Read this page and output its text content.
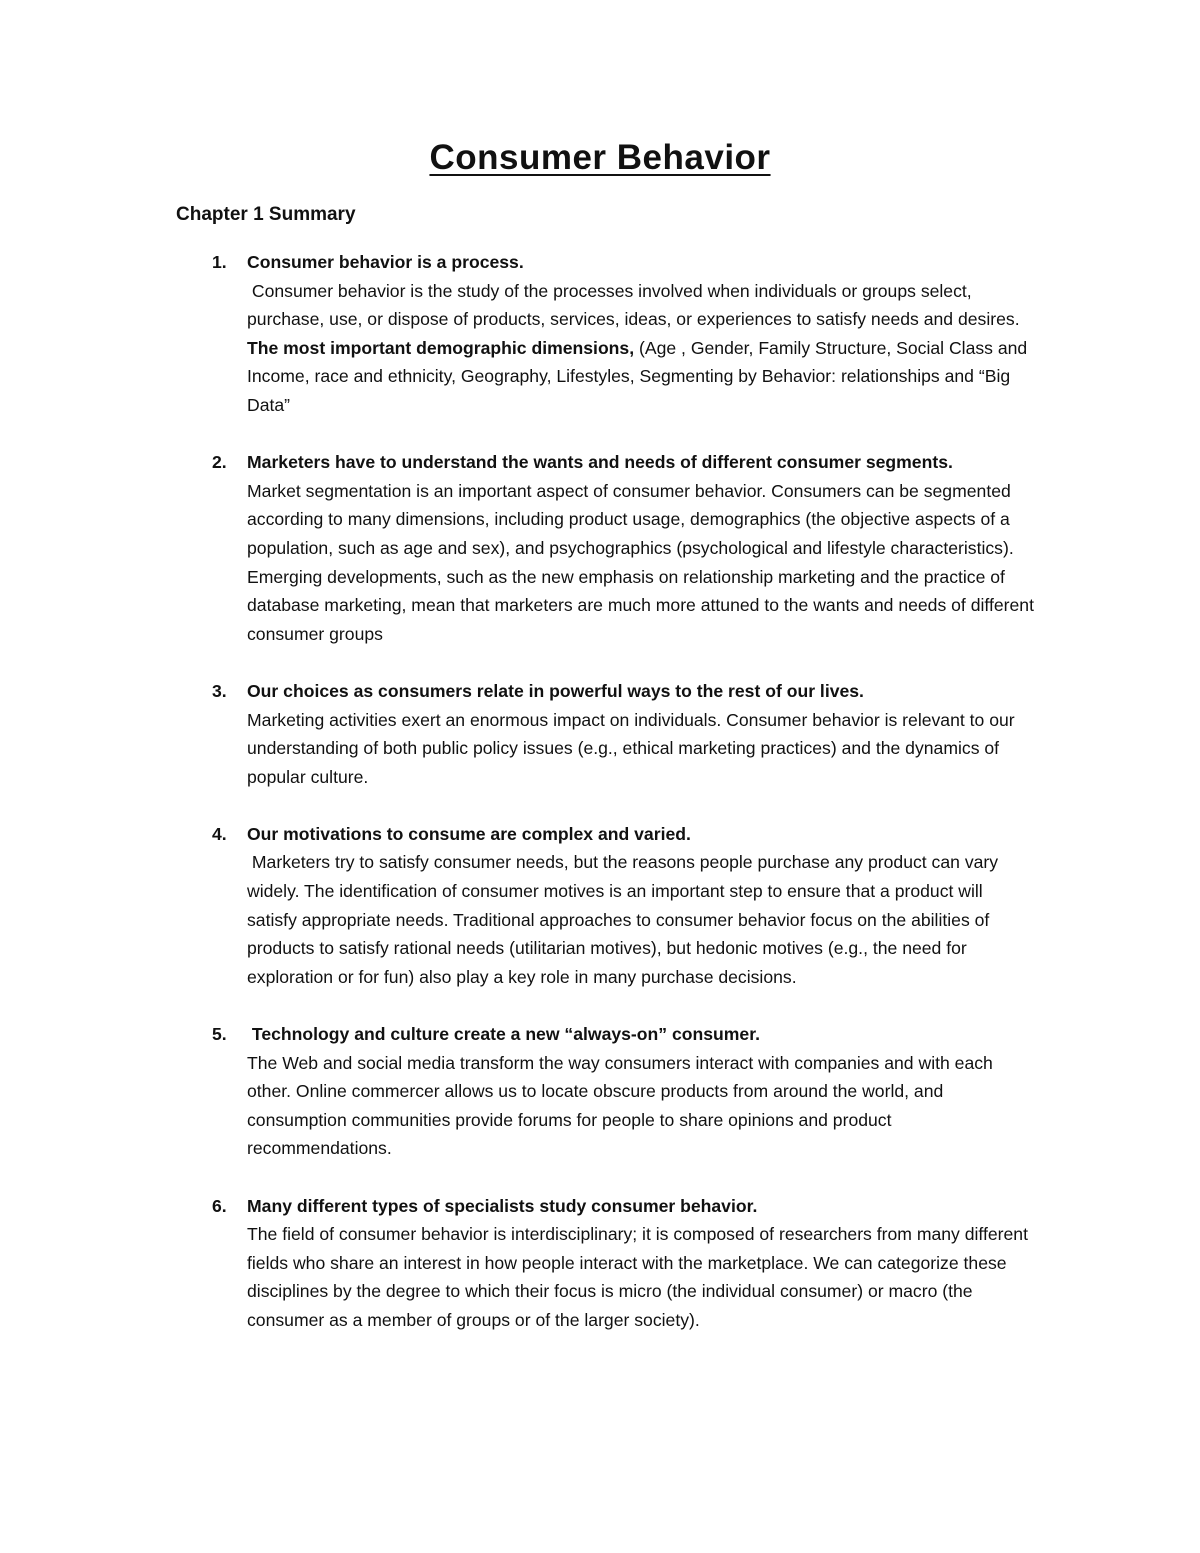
Consumer Behavior
Chapter 1 Summary
1. Consumer behavior is a process.
Consumer behavior is the study of the processes involved when individuals or groups select, purchase, use, or dispose of products, services, ideas, or experiences to satisfy needs and desires.
The most important demographic dimensions, (Age , Gender, Family Structure, Social Class and Income, race and ethnicity, Geography, Lifestyles, Segmenting by Behavior: relationships and “Big Data”
2. Marketers have to understand the wants and needs of different consumer segments.
Market segmentation is an important aspect of consumer behavior. Consumers can be segmented according to many dimensions, including product usage, demographics (the objective aspects of a population, such as age and sex), and psychographics (psychological and lifestyle characteristics). Emerging developments, such as the new emphasis on relationship marketing and the practice of database marketing, mean that marketers are much more attuned to the wants and needs of different consumer groups
3. Our choices as consumers relate in powerful ways to the rest of our lives.
Marketing activities exert an enormous impact on individuals. Consumer behavior is relevant to our understanding of both public policy issues (e.g., ethical marketing practices) and the dynamics of popular culture.
4. Our motivations to consume are complex and varied.
Marketers try to satisfy consumer needs, but the reasons people purchase any product can vary widely. The identification of consumer motives is an important step to ensure that a product will satisfy appropriate needs. Traditional approaches to consumer behavior focus on the abilities of products to satisfy rational needs (utilitarian motives), but hedonic motives (e.g., the need for exploration or for fun) also play a key role in many purchase decisions.
5. Technology and culture create a new “always-on” consumer.
The Web and social media transform the way consumers interact with companies and with each other. Online commercer allows us to locate obscure products from around the world, and consumption communities provide forums for people to share opinions and product recommendations.
6. Many different types of specialists study consumer behavior.
The field of consumer behavior is interdisciplinary; it is composed of researchers from many different fields who share an interest in how people interact with the marketplace. We can categorize these disciplines by the degree to which their focus is micro (the individual consumer) or macro (the consumer as a member of groups or of the larger society).
